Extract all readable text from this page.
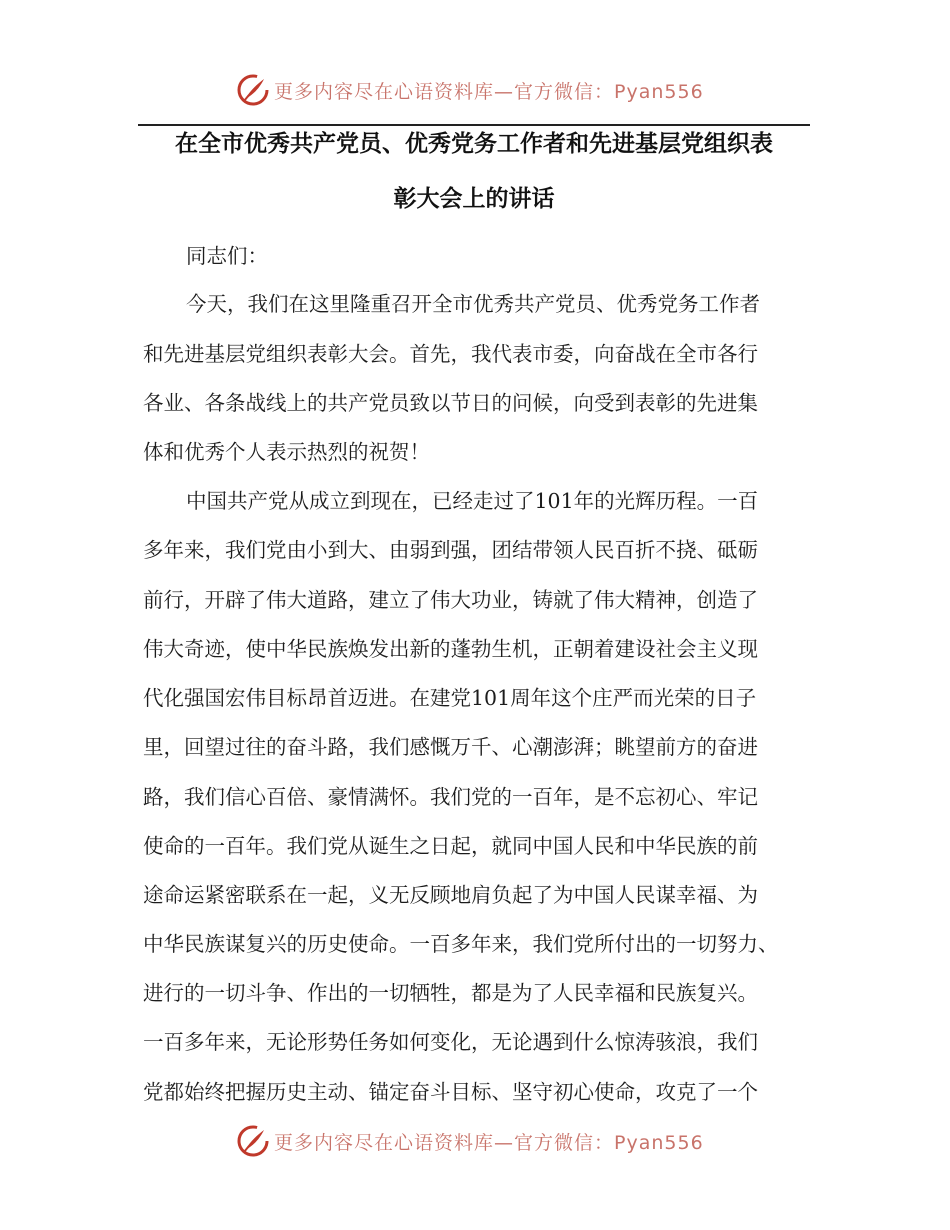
更多内容尽在心语资料库—官方微信：Pyan556
在全市优秀共产党员、优秀党务工作者和先进基层党组织表
彰大会上的讲话
同志们：
今天，我们在这里隆重召开全市优秀共产党员、优秀党务工作者
和先进基层党组织表彰大会。首先，我代表市委，向奋战在全市各行
各业、各条战线上的共产党员致以节日的问候，向受到表彰的先进集
体和优秀个人表示热烈的祝贺！
中国共产党从成立到现在，已经走过了101年的光辉历程。一百
多年来，我们党由小到大、由弱到强，团结带领人民百折不挠、砥砺
前行，开辟了伟大道路，建立了伟大功业，铸就了伟大精神，创造了
伟大奇迹，使中华民族焕发出新的蓬勃生机，正朝着建设社会主义现
代化强国宏伟目标昂首迈进。在建党101周年这个庄严而光荣的日子
里，回望过往的奋斗路，我们感慨万千、心潮澎湃；眺望前方的奋进
路，我们信心百倍、豪情满怀。我们党的一百年，是不忘初心、牢记
使命的一百年。我们党从诞生之日起，就同中国人民和中华民族的前
途命运紧密联系在一起，义无反顾地肩负起了为中国人民谋幸福、为
中华民族谋复兴的历史使命。一百多年来，我们党所付出的一切努力、
进行的一切斗争、作出的一切牺牲，都是为了人民幸福和民族复兴。
一百多年来，无论形势任务如何变化，无论遇到什么惊涛骇浪，我们
党都始终把握历史主动、锚定奋斗目标、坚守初心使命，攻克了一个
更多内容尽在心语资料库—官方微信：Pyan556
